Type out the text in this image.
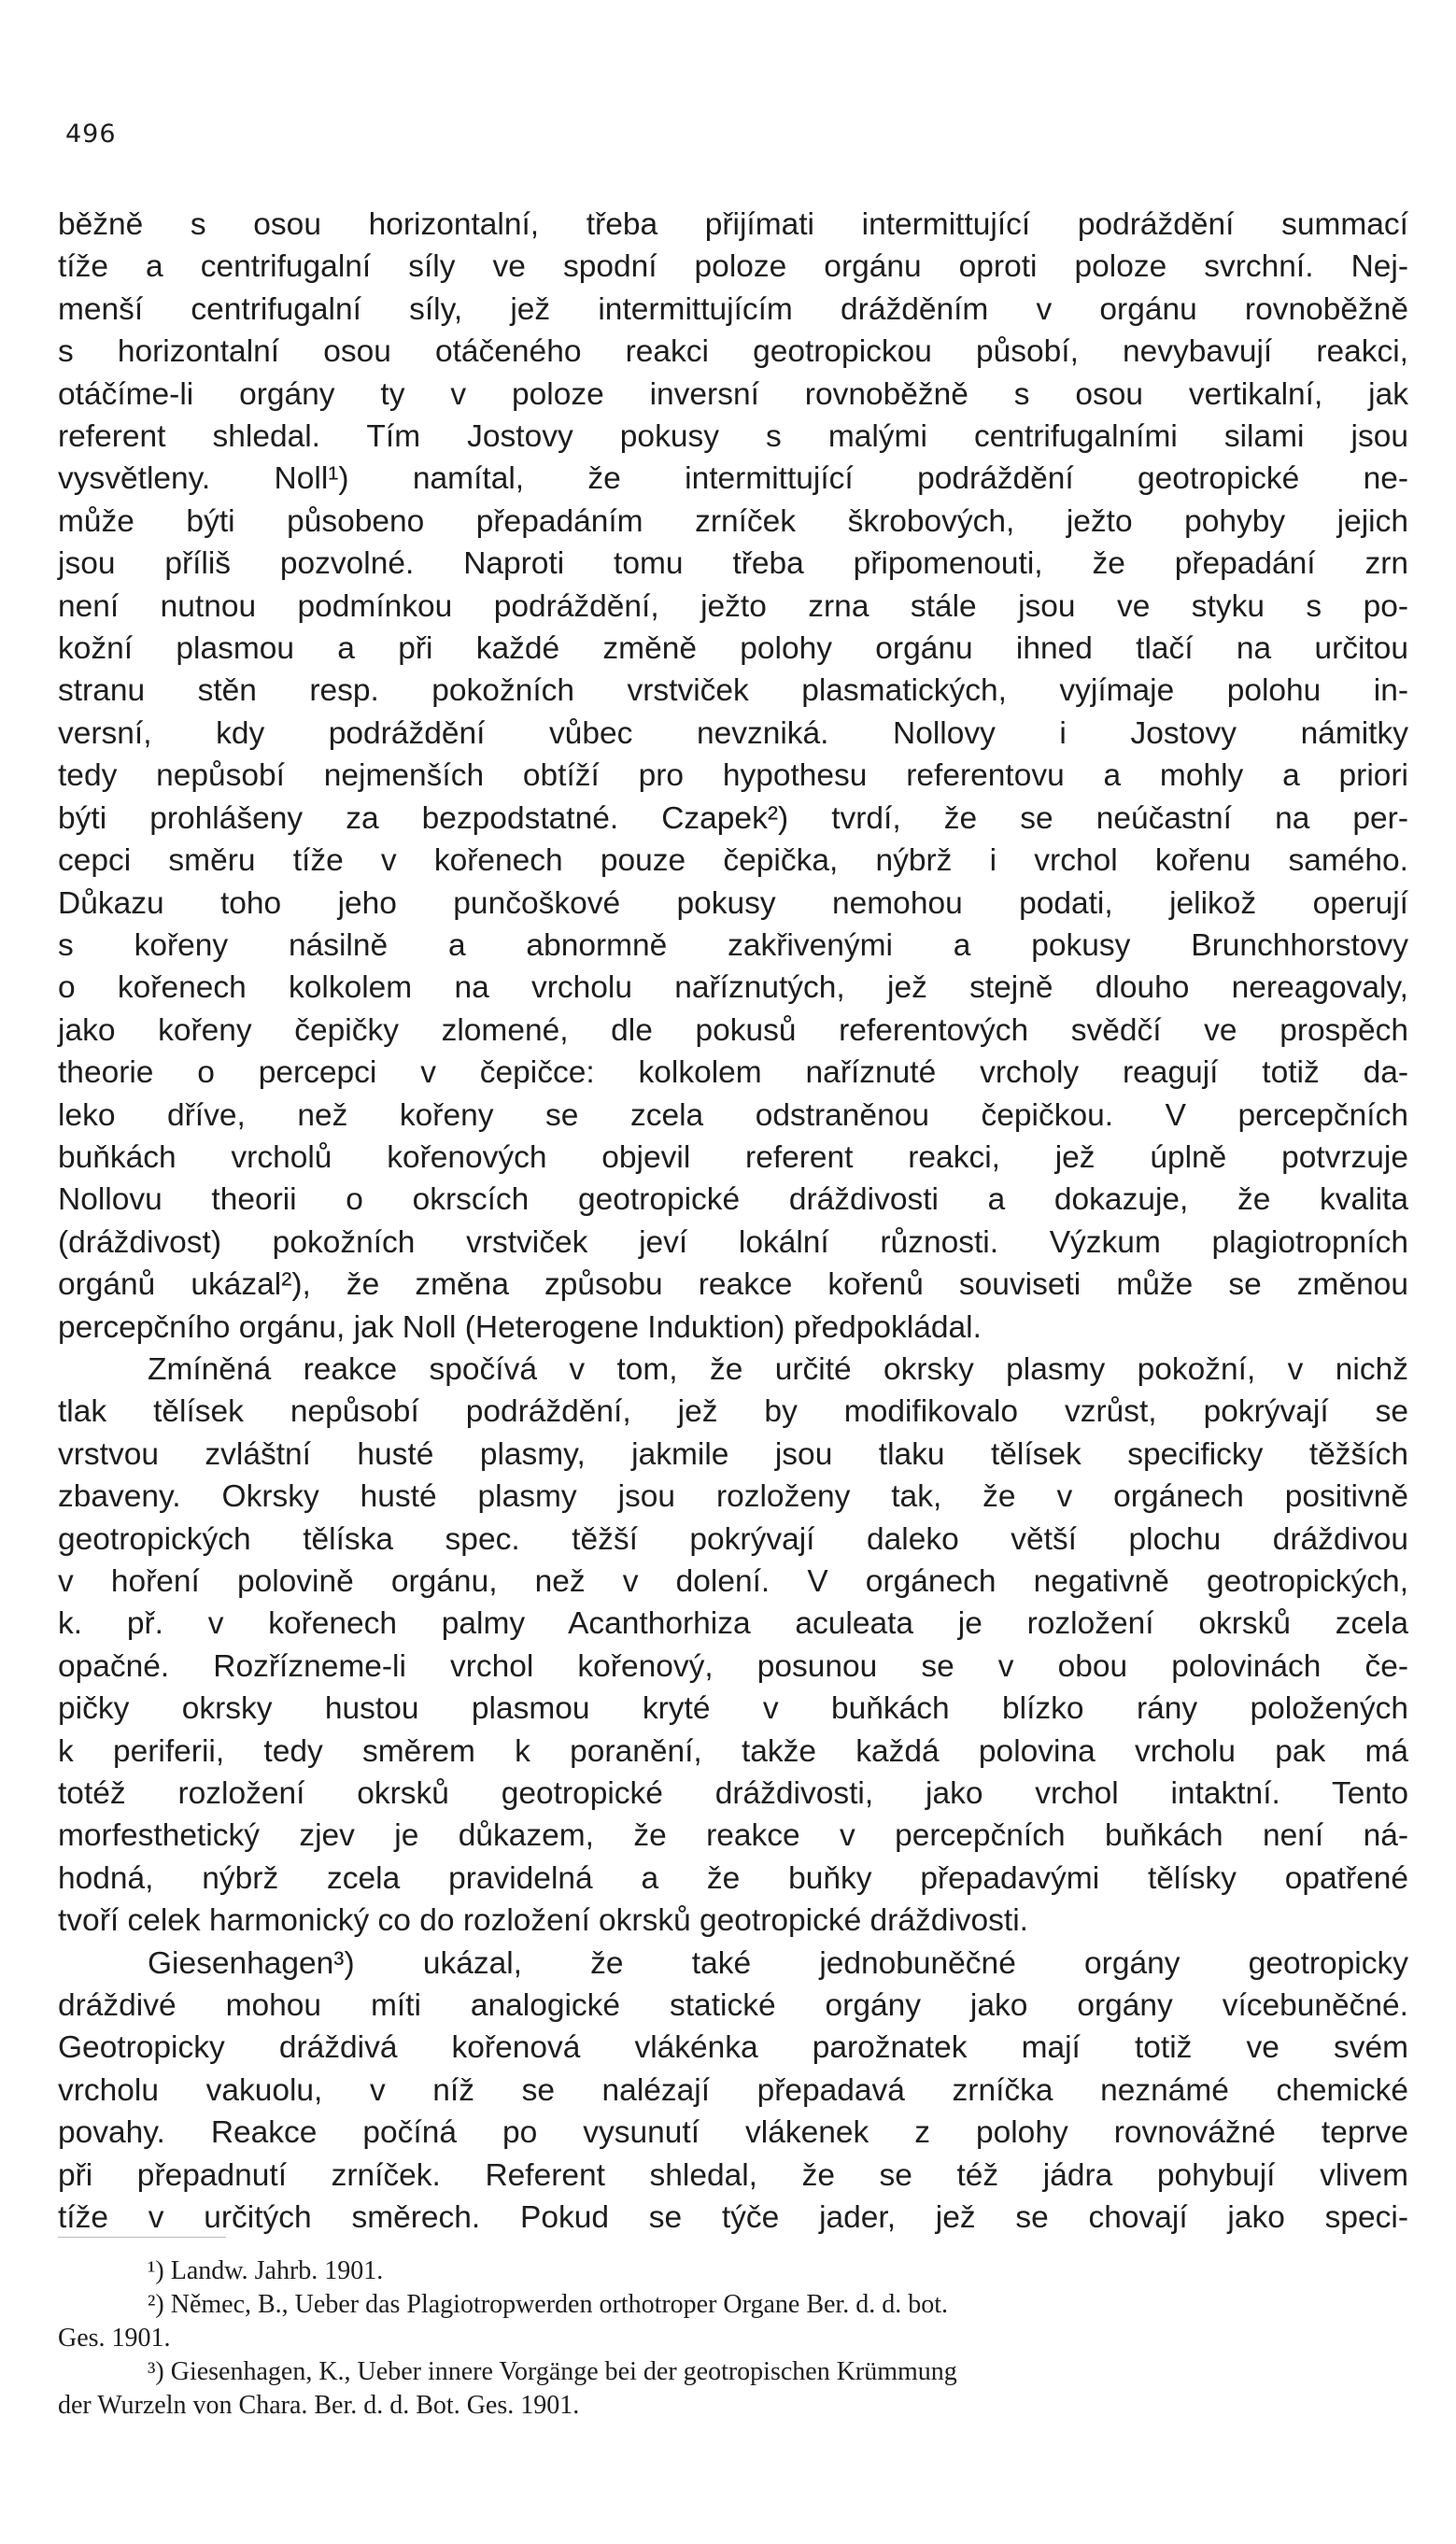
496
běžně s osou horizontalní, třeba přijímati intermittující podráždění summací
tíže a centrifugalní síly ve spodní poloze orgánu oproti poloze svrchní. Nej-
menší centrifugalní síly, jež intermittujícím drážděním v orgánu rovnoběžně
s horizontalní osou otáčeného reakci geotropickou působí, nevybavují reakci,
otáčíme-li orgány ty v poloze inversní rovnoběžně s osou vertikalní, jak
referent shledal. Tím Jostovy pokusy s malými centrifugalními silami jsou
vysvětleny. Noll¹) namítal, že intermittující podráždění geotropické ne-
může býti působeno přepadáním zrníček škrobových, ježto pohyby jejich
jsou příliš pozvolné. Naproti tomu třeba připomenouti, že přepadání zrn
není nutnou podmínkou podráždění, ježto zrna stále jsou ve styku s po-
kožní plasmou a při každé změně polohy orgánu ihned tlačí na určitou
stranu stěn resp. pokožních vrstviček plasmatických, vyjímaje polohu in-
versní, kdy podráždění vůbec nevzniká. Nollovy i Jostovy námitky
tedy nepůsobí nejmenších obtíží pro hypothesu referentovu a mohly a priori
býti prohlášeny za bezpodstatné. Czapek²) tvrdí, že se neúčastní na per-
cepci směru tíže v kořenech pouze čepička, nýbrž i vrchol kořenu samého.
Důkazu toho jeho punčoškové pokusy nemohou podati, jelikož operují
s kořeny násilně a abnormně zakřivenými a pokusy Brunchhorstovy
o kořenech kolkolem na vrcholu naříznutých, jež stejně dlouho nereagovaly,
jako kořeny čepičky zlomené, dle pokusů referentových svědčí ve prospěch
theorie o percepci v čepičce: kolkolem naříznuté vrcholy reagují totiž da-
leko dříve, než kořeny se zcela odstraněnou čepičkou. V percepčních
buňkách vrcholů kořenových objevil referent reakci, jež úplně potvrzuje
Nollovu theorii o okrscích geotropické dráždivosti a dokazuje, že kvalita
(dráždivost) pokožních vrstviček jeví lokální různosti. Výzkum plagiotropních
orgánů ukázal²), že změna způsobu reakce kořenů souviseti může se změnou
percepčního orgánu, jak Noll (Heterogene Induktion) předpokládal.
Zmíněná reakce spočívá v tom, že určité okrsky plasmy pokožní, v nichž
tlak tělísek nepůsobí podráždění, jež by modifikovalo vzrůst, pokrývají se
vrstvou zvláštní husté plasmy, jakmile jsou tlaku tělísek specificky těžších
zbaveny. Okrsky husté plasmy jsou rozloženy tak, že v orgánech positivně
geotropických tělíska spec. těžší pokrývají daleko větší plochu dráždivou
v hoření polovině orgánu, než v dolení. V orgánech negativně geotropických,
k. př. v kořenech palmy Acanthorhiza aculeata je rozložení okrsků zcela
opačné. Rozřízneme-li vrchol kořenový, posunou se v obou polovinách če-
pičky okrsky hustou plasmou kryté v buňkách blízko rány položených
k periferii, tedy směrem k poranění, takže každá polovina vrcholu pak má
totéž rozložení okrsků geotropické dráždivosti, jako vrchol intaktní. Tento
morfesthetický zjev je důkazem, že reakce v percepčních buňkách není ná-
hodná, nýbrž zcela pravidelná a že buňky přepadavými tělísky opatřené
tvoří celek harmonický co do rozložení okrsků geotropické dráždivosti.
Giesenhagen³) ukázal, že také jednobuněčné orgány geotropicky
dráždivé mohou míti analogické statické orgány jako orgány vícebuněčné.
Geotropicky dráždivá kořenová vlákénka parožnatek mají totiž ve svém
vrcholu vakuolu, v níž se nalézají přepadavá zrníčka neznámé chemické
povahy. Reakce počíná po vysunutí vlákenek z polohy rovnovážné teprve
při přepadnutí zrníček. Referent shledal, že se též jádra pohybují vlivem
tíže v určitých směrech. Pokud se týče jader, jež se chovají jako speci-
¹) Landw. Jahrb. 1901.
²) Němec, B., Ueber das Plagiotropwerden orthotroper Organe Ber. d. d. bot.
Ges. 1901.
³) Giesenhagen, K., Ueber innere Vorgänge bei der geotropischen Krümmung
der Wurzeln von Chara. Ber. d. d. Bot. Ges. 1901.
